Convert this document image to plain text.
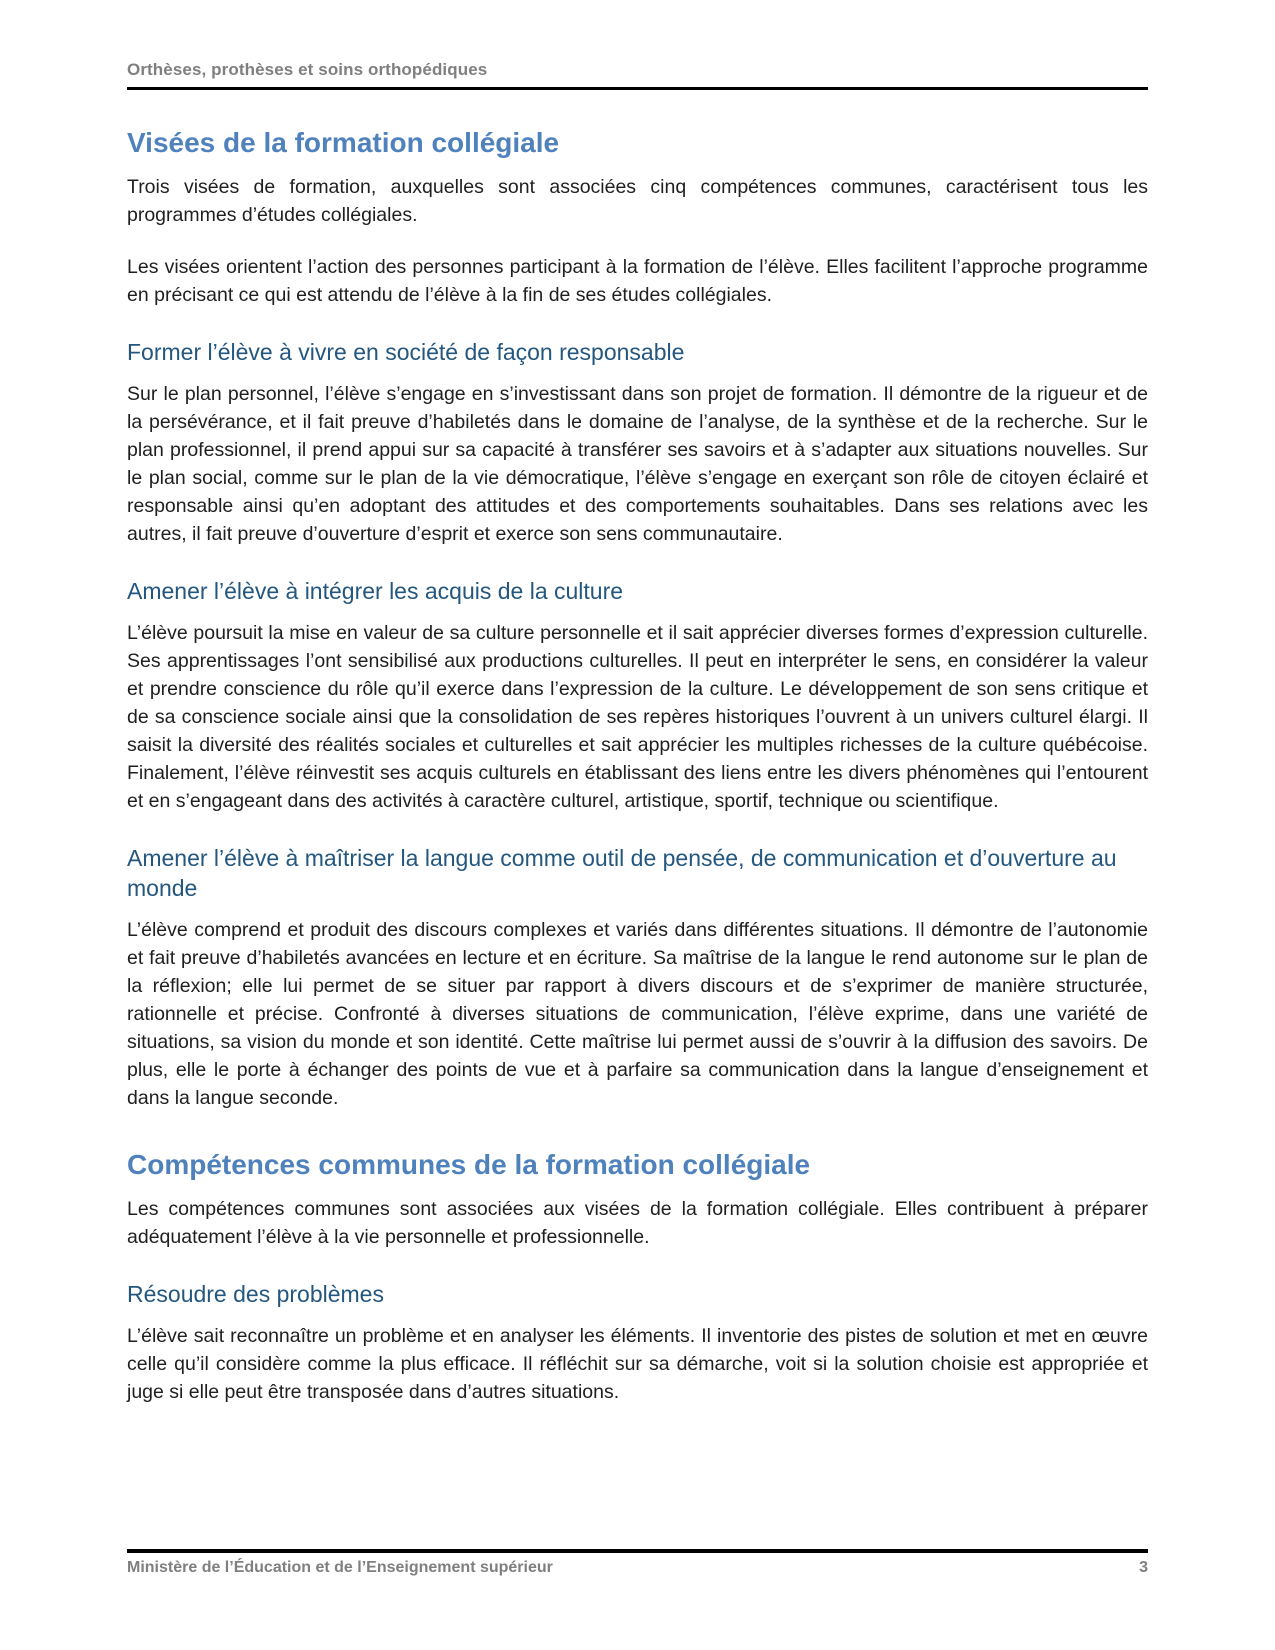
Orthèses, prothèses et soins orthopédiques
Visées de la formation collégiale

Trois visées de formation, auxquelles sont associées cinq compétences communes, caractérisent tous les programmes d’études collégiales.

Les visées orientent l’action des personnes participant à la formation de l’élève. Elles facilitent l’approche programme en précisant ce qui est attendu de l’élève à la fin de ses études collégiales.

Former l’élève à vivre en société de façon responsable

Sur le plan personnel, l’élève s’engage en s’investissant dans son projet de formation. Il démontre de la rigueur et de la persévérance, et il fait preuve d’habiletés dans le domaine de l’analyse, de la synthèse et de la recherche. Sur le plan professionnel, il prend appui sur sa capacité à transférer ses savoirs et à s’adapter aux situations nouvelles. Sur le plan social, comme sur le plan de la vie démocratique, l’élève s’engage en exerçant son rôle de citoyen éclairé et responsable ainsi qu’en adoptant des attitudes et des comportements souhaitables. Dans ses relations avec les autres, il fait preuve d’ouverture d’esprit et exerce son sens communautaire.

Amener l’élève à intégrer les acquis de la culture

L’élève poursuit la mise en valeur de sa culture personnelle et il sait apprécier diverses formes d’expression culturelle. Ses apprentissages l’ont sensibilisé aux productions culturelles. Il peut en interpréter le sens, en considérer la valeur et prendre conscience du rôle qu’il exerce dans l’expression de la culture. Le développement de son sens critique et de sa conscience sociale ainsi que la consolidation de ses repères historiques l’ouvrent à un univers culturel élargi. Il saisit la diversité des réalités sociales et culturelles et sait apprécier les multiples richesses de la culture québécoise. Finalement, l’élève réinvestit ses acquis culturels en établissant des liens entre les divers phénomènes qui l’entourent et en s’engageant dans des activités à caractère culturel, artistique, sportif, technique ou scientifique.

Amener l’élève à maîtriser la langue comme outil de pensée, de communication et d’ouverture au monde

L’élève comprend et produit des discours complexes et variés dans différentes situations. Il démontre de l’autonomie et fait preuve d’habiletés avancées en lecture et en écriture. Sa maîtrise de la langue le rend autonome sur le plan de la réflexion; elle lui permet de se situer par rapport à divers discours et de s’exprimer de manière structurée, rationnelle et précise. Confronté à diverses situations de communication, l’élève exprime, dans une variété de situations, sa vision du monde et son identité. Cette maîtrise lui permet aussi de s’ouvrir à la diffusion des savoirs. De plus, elle le porte à échanger des points de vue et à parfaire sa communication dans la langue d’enseignement et dans la langue seconde.

Compétences communes de la formation collégiale

Les compétences communes sont associées aux visées de la formation collégiale. Elles contribuent à préparer adéquatement l’élève à la vie personnelle et professionnelle.

Résoudre des problèmes

L’élève sait reconnaître un problème et en analyser les éléments. Il inventorie des pistes de solution et met en œuvre celle qu’il considère comme la plus efficace. Il réfléchit sur sa démarche, voit si la solution choisie est appropriée et juge si elle peut être transposée dans d’autres situations.

Ministère de l’Éducation et de l’Enseignement supérieur	3
